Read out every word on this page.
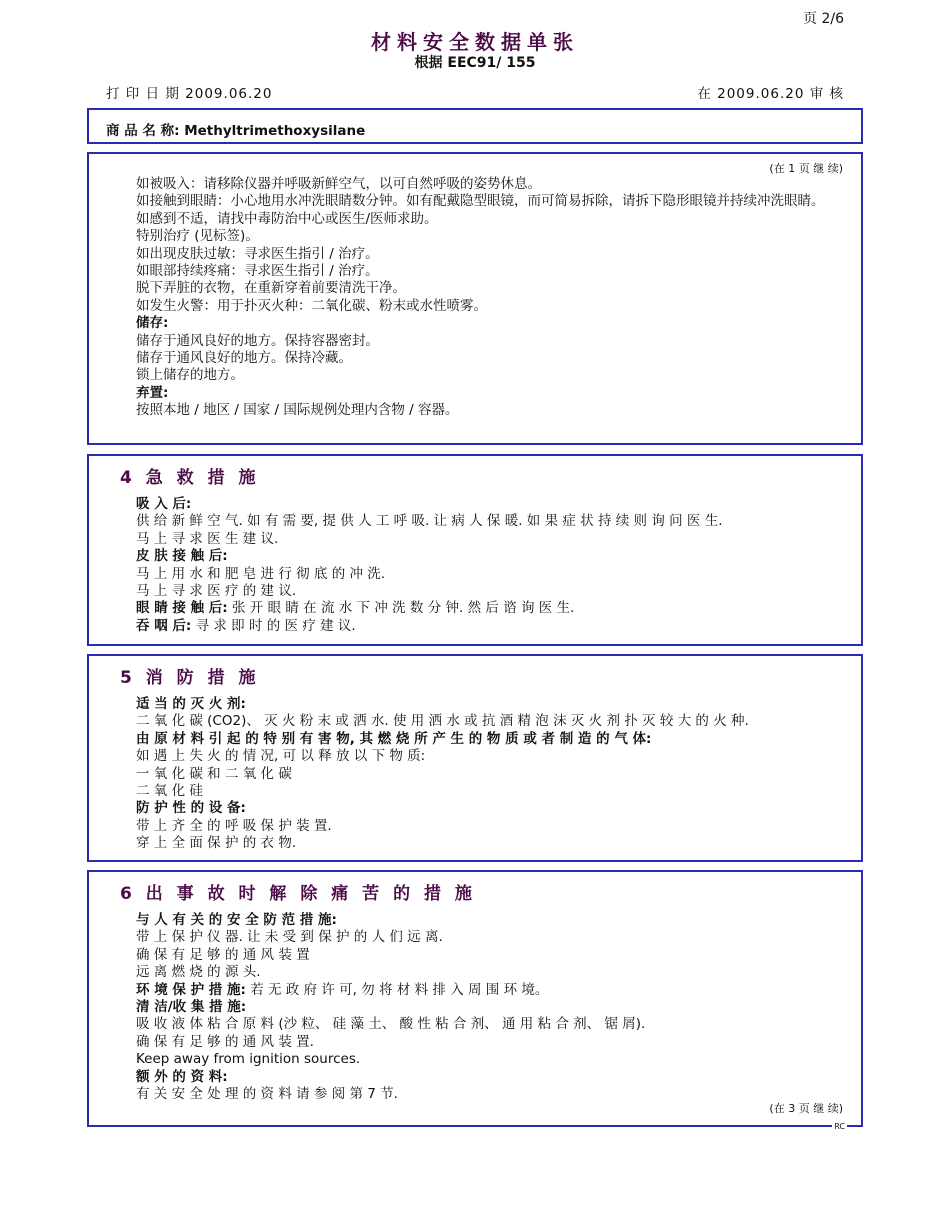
页 2/6
材料安全数据单张
根据 EEC91/ 155
打 印 日 期 2009.06.20	在 2009.06.20 审 核
商 品 名 称: Methyltrimethoxysilane
(在 1 页 继 续)
如被吸入：请移除仪器并呼吸新鲜空气，以可自然呼吸的姿势休息。
如接触到眼睛：小心地用水冲洗眼睛数分钟。如有配戴隐型眼镜，而可简易拆除，请拆下隐形眼镜并持续冲洗眼睛。
如感到不适，请找中毒防治中心或医生/医师求助。
特别治疗 (见标签)。
如出现皮肤过敏：寻求医生指引 / 治疗。
如眼部持续疼痛：寻求医生指引 / 治疗。
脱下弄脏的衣物，在重新穿着前要清洗干净。
如发生火警：用于扑灭火种：二氧化碳、粉末或水性喷雾。
储存:
储存于通风良好的地方。保持容器密封。
储存于通风良好的地方。保持冷藏。
锁上储存的地方。
弃置:
按照本地 / 地区 / 国家 / 国际规例处理内含物 / 容器。
4 急 救 措 施
吸 入 后:
供 给 新 鲜 空 气. 如 有 需 要, 提 供 人 工 呼 吸. 让 病 人 保 暖. 如 果 症 状 持 续 则 询 问 医 生.
马 上 寻 求 医 生 建 议.
皮 肤 接 触 后:
马 上 用 水 和 肥 皂 进 行 彻 底 的 冲 洗.
马 上 寻 求 医 疗 的 建 议.
眼 睛 接 触 后: 张 开 眼 睛 在 流 水 下 冲 洗 数 分 钟. 然 后 谘 询 医 生.
吞 咽 后: 寻 求 即 时 的 医 疗 建 议.
5 消 防 措 施
适 当 的 灭 火 剂:
二 氧 化 碳 (CO2)、 灭 火 粉 末 或 洒 水. 使 用 洒 水 或 抗 酒 精 泡 沫 灭 火 剂 扑 灭 较 大 的 火 种.
由 原 材 料 引 起 的 特 别 有 害 物, 其 燃 烧 所 产 生 的 物 质 或 者 制 造 的 气 体:
如 遇 上 失 火 的 情 况, 可 以 释 放 以 下 物 质:
一 氧 化 碳 和 二 氧 化 碳
二 氧 化 硅
防 护 性 的 设 备:
带 上 齐 全 的 呼 吸 保 护 装 置.
穿 上 全 面 保 护 的 衣 物.
6 出 事 故 时 解 除 痛 苦 的 措 施
与 人 有 关 的 安 全 防 范 措 施:
带 上 保 护 仪 器. 让 未 受 到 保 护 的 人 们 远 离.
确 保 有 足 够 的 通 风 装 置
远 离 燃 烧 的 源 头.
环 境 保 护 措 施: 若 无 政 府 许 可, 勿 将 材 料 排 入 周 围 环 境。
清 洁/收 集 措 施:
吸 收 液 体 粘 合 原 料 (沙 粒、 硅 藻 土、 酸 性 粘 合 剂、 通 用 粘 合 剂、 锯 屑).
确 保 有 足 够 的 通 风 装 置.
Keep away from ignition sources.
额 外 的 资 料:
有 关 安 全 处 理 的 资 料 请 参 阅 第 7 节.
(在 3 页 继 续)
RC
